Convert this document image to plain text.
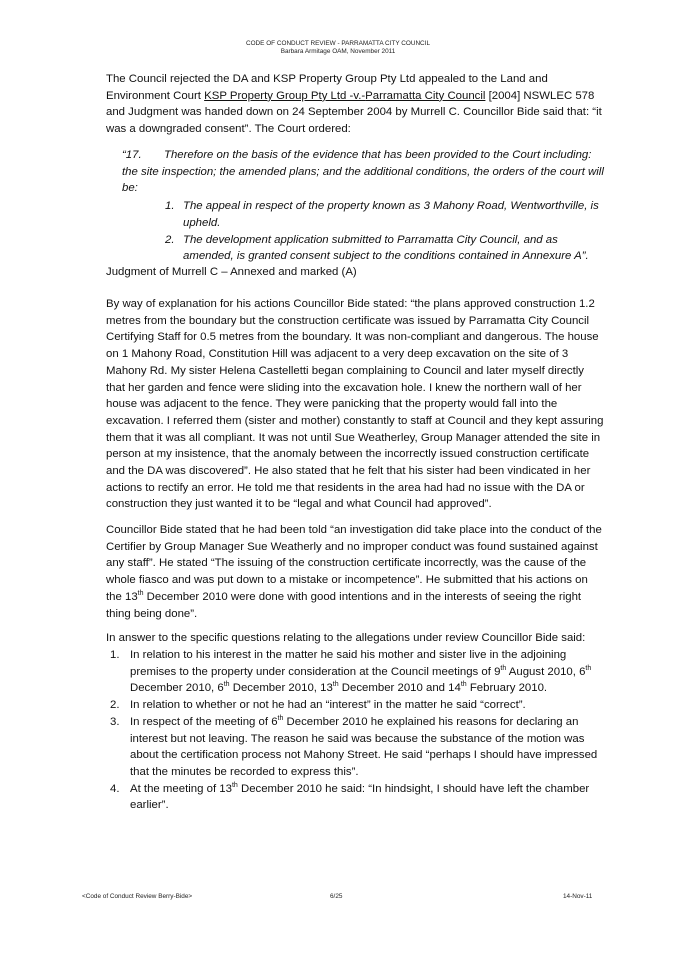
CODE OF CONDUCT REVIEW - PARRAMATTA CITY COUNCIL
Barbara Armitage OAM, November 2011

The Council rejected the DA and KSP Property Group Pty Ltd appealed to the Land and Environment Court KSP Property Group Pty Ltd -v.-Parramatta City Council [2004] NSWLEC 578 and Judgment was handed down on 24 September 2004 by Murrell C. Councillor Bide said that: “it was a downgraded consent”. The Court ordered:

“17. Therefore on the basis of the evidence that has been provided to the Court including: the site inspection; the amended plans; and the additional conditions, the orders of the court will be:

1. The appeal in respect of the property known as 3 Mahony Road, Wentworthville, is upheld.
2. The development application submitted to Parramatta City Council, and as amended, is granted consent subject to the conditions contained in Annexure A”.

Judgment of Murrell C – Annexed and marked (A)

By way of explanation for his actions Councillor Bide stated: “the plans approved construction 1.2 metres from the boundary but the construction certificate was issued by Parramatta City Council Certifying Staff for 0.5 metres from the boundary. It was non-compliant and dangerous. The house on 1 Mahony Road, Constitution Hill was adjacent to a very deep excavation on the site of 3 Mahony Rd. My sister Helena Castelletti began complaining to Council and later myself directly that her garden and fence were sliding into the excavation hole. I knew the northern wall of her house was adjacent to the fence. They were panicking that the property would fall into the excavation. I referred them (sister and mother) constantly to staff at Council and they kept assuring them that it was all compliant. It was not until Sue Weatherley, Group Manager attended the site in person at my insistence, that the anomaly between the incorrectly issued construction certificate and the DA was discovered”. He also stated that he felt that his sister had been vindicated in her actions to rectify an error. He told me that residents in the area had had no issue with the DA or construction they just wanted it to be “legal and what Council had approved”.

Councillor Bide stated that he had been told “an investigation did take place into the conduct of the Certifier by Group Manager Sue Weatherly and no improper conduct was found sustained against any staff”. He stated “The issuing of the construction certificate incorrectly, was the cause of the whole fiasco and was put down to a mistake or incompetence”. He submitted that his actions on the 13th December 2010 were done with good intentions and in the interests of seeing the right thing being done”.

In answer to the specific questions relating to the allegations under review Councillor Bide said:

1. In relation to his interest in the matter he said his mother and sister live in the adjoining premises to the property under consideration at the Council meetings of 9th August 2010, 6th December 2010, 6th December 2010, 13th December 2010 and 14th February 2010.
2. In relation to whether or not he had an “interest” in the matter he said “correct”.
3. In respect of the meeting of 6th December 2010 he explained his reasons for declaring an interest but not leaving. The reason he said was because the substance of the motion was about the certification process not Mahony Street. He said “perhaps I should have impressed that the minutes be recorded to express this”.
4. At the meeting of 13th December 2010 he said: “In hindsight, I should have left the chamber earlier”.
<Code of Conduct Review Berry-Bide>	6/25	14-Nov-11
